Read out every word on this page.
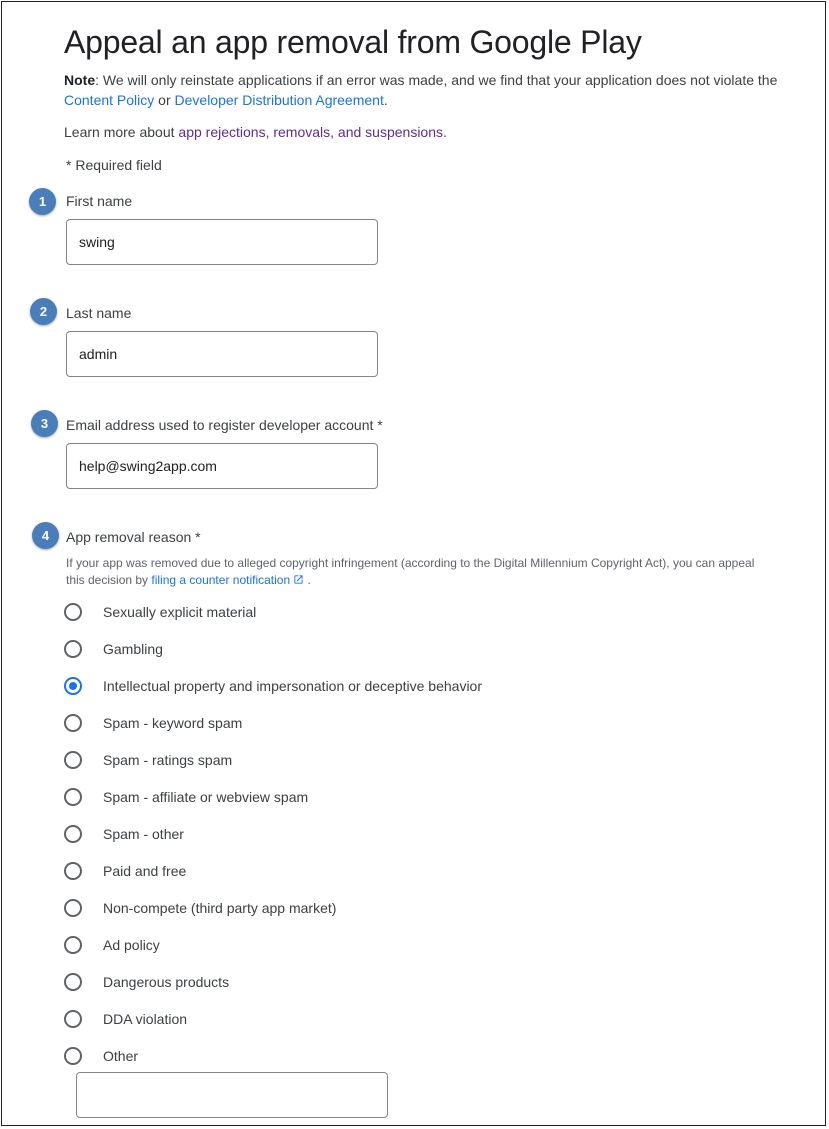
Appeal an app removal from Google Play
Note: We will only reinstate applications if an error was made, and we find that your application does not violate the Content Policy or Developer Distribution Agreement.
Learn more about app rejections, removals, and suspensions.
* Required field
1	First name
swing
2	Last name
admin
3	Email address used to register developer account *
help@swing2app.com
4	App removal reason *
If your app was removed due to alleged copyright infringement (according to the Digital Millennium Copyright Act), you can appeal this decision by filing a counter notification .
Sexually explicit material
Gambling
Intellectual property and impersonation or deceptive behavior
Spam - keyword spam
Spam - ratings spam
Spam - affiliate or webview spam
Spam - other
Paid and free
Non-compete (third party app market)
Ad policy
Dangerous products
DDA violation
Other
